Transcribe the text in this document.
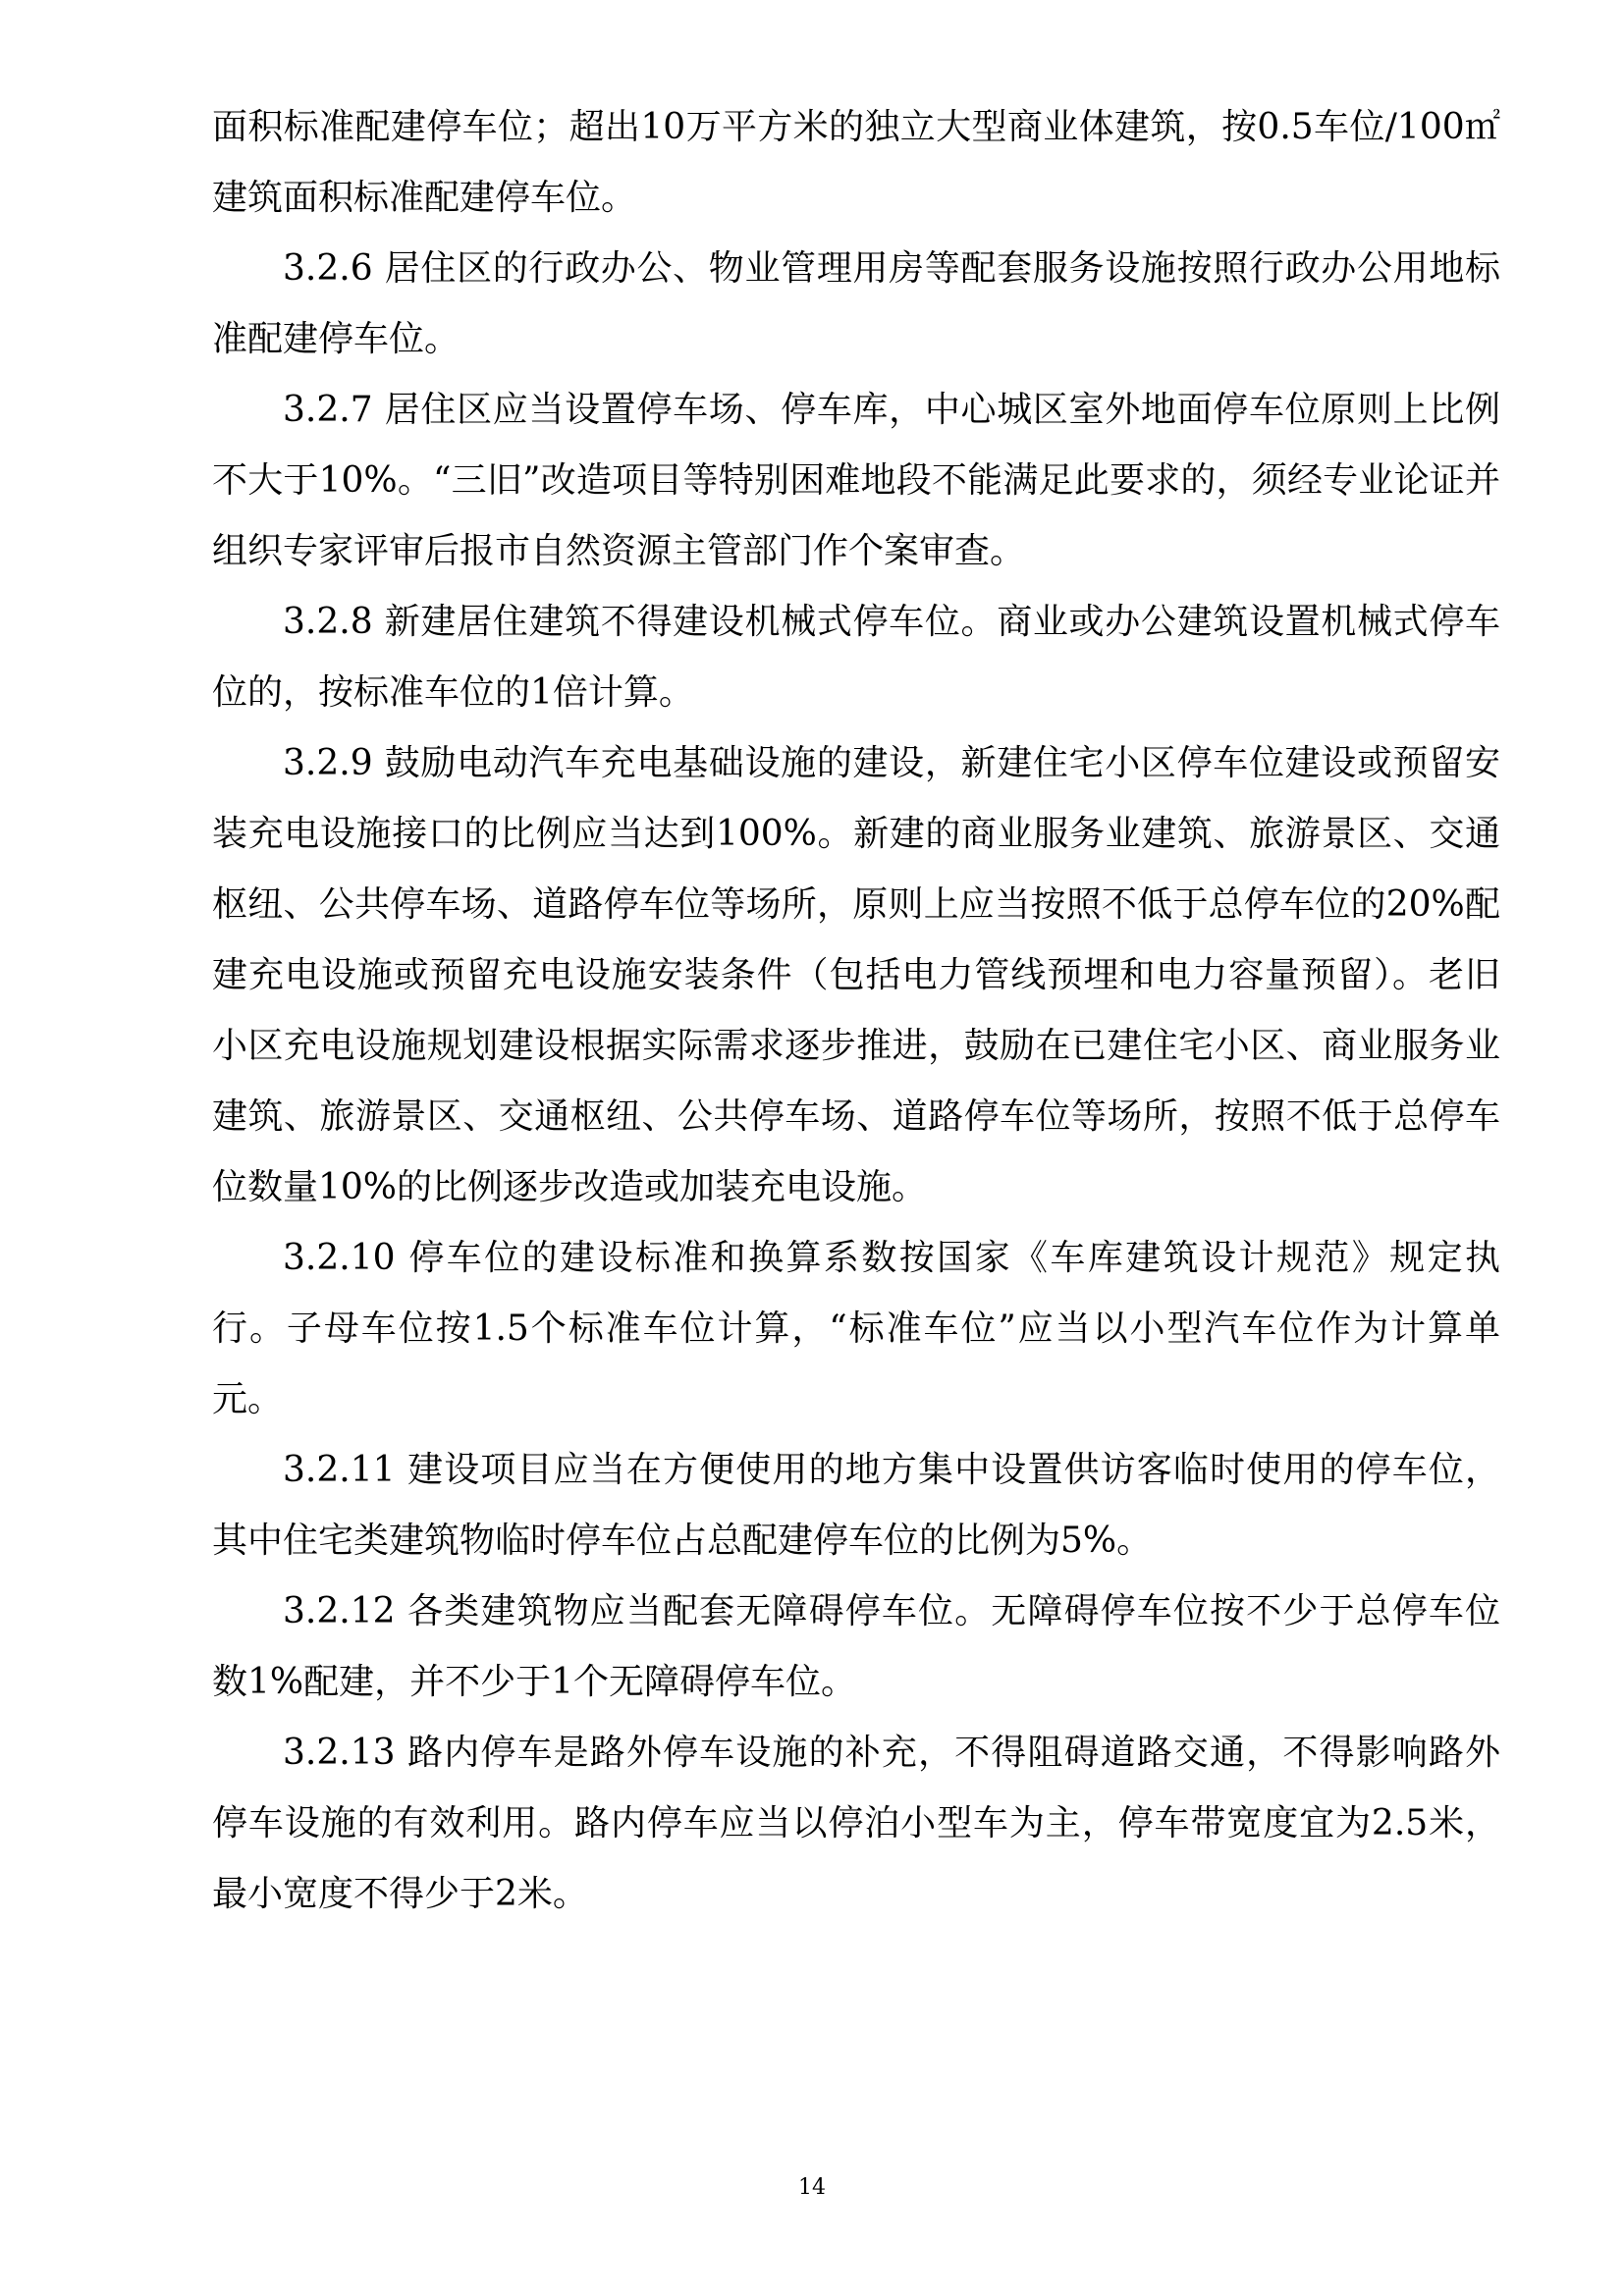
面积标准配建停车位；超出10万平方米的独立大型商业体建筑，按0.5车位/100㎡建筑面积标准配建停车位。

3.2.6 居住区的行政办公、物业管理用房等配套服务设施按照行政办公用地标准配建停车位。

3.2.7 居住区应当设置停车场、停车库，中心城区室外地面停车位原则上比例不大于10%。“三旧”改造项目等特别困难地段不能满足此要求的，须经专业论证并组织专家评审后报市自然资源主管部门作个案审查。

3.2.8 新建居住建筑不得建设机械式停车位。商业或办公建筑设置机械式停车位的，按标准车位的1倍计算。

3.2.9 鼓励电动汽车充电基础设施的建设，新建住宅小区停车位建设或预留安装充电设施接口的比例应当达到100%。新建的商业服务业建筑、旅游景区、交通枢纽、公共停车场、道路停车位等场所，原则上应当按照不低于总停车位的20%配建充电设施或预留充电设施安装条件（包括电力管线预埋和电力容量预留）。老旧小区充电设施规划建设根据实际需求逐步推进，鼓励在已建住宅小区、商业服务业建筑、旅游景区、交通枢纽、公共停车场、道路停车位等场所，按照不低于总停车位数量10%的比例逐步改造或加装充电设施。

3.2.10 停车位的建设标准和换算系数按国家《车库建筑设计规范》规定执行。子母车位按1.5个标准车位计算，“标准车位”应当以小型汽车位作为计算单元。

3.2.11 建设项目应当在方便使用的地方集中设置供访客临时使用的停车位，其中住宅类建筑物临时停车位占总配建停车位的比例为5%。

3.2.12 各类建筑物应当配套无障碍停车位。无障碍停车位按不少于总停车位数1%配建，并不少于1个无障碍停车位。

3.2.13 路内停车是路外停车设施的补充，不得阻碍道路交通，不得影响路外停车设施的有效利用。路内停车应当以停泊小型车为主，停车带宽度宜为2.5米，最小宽度不得少于2米。

14
